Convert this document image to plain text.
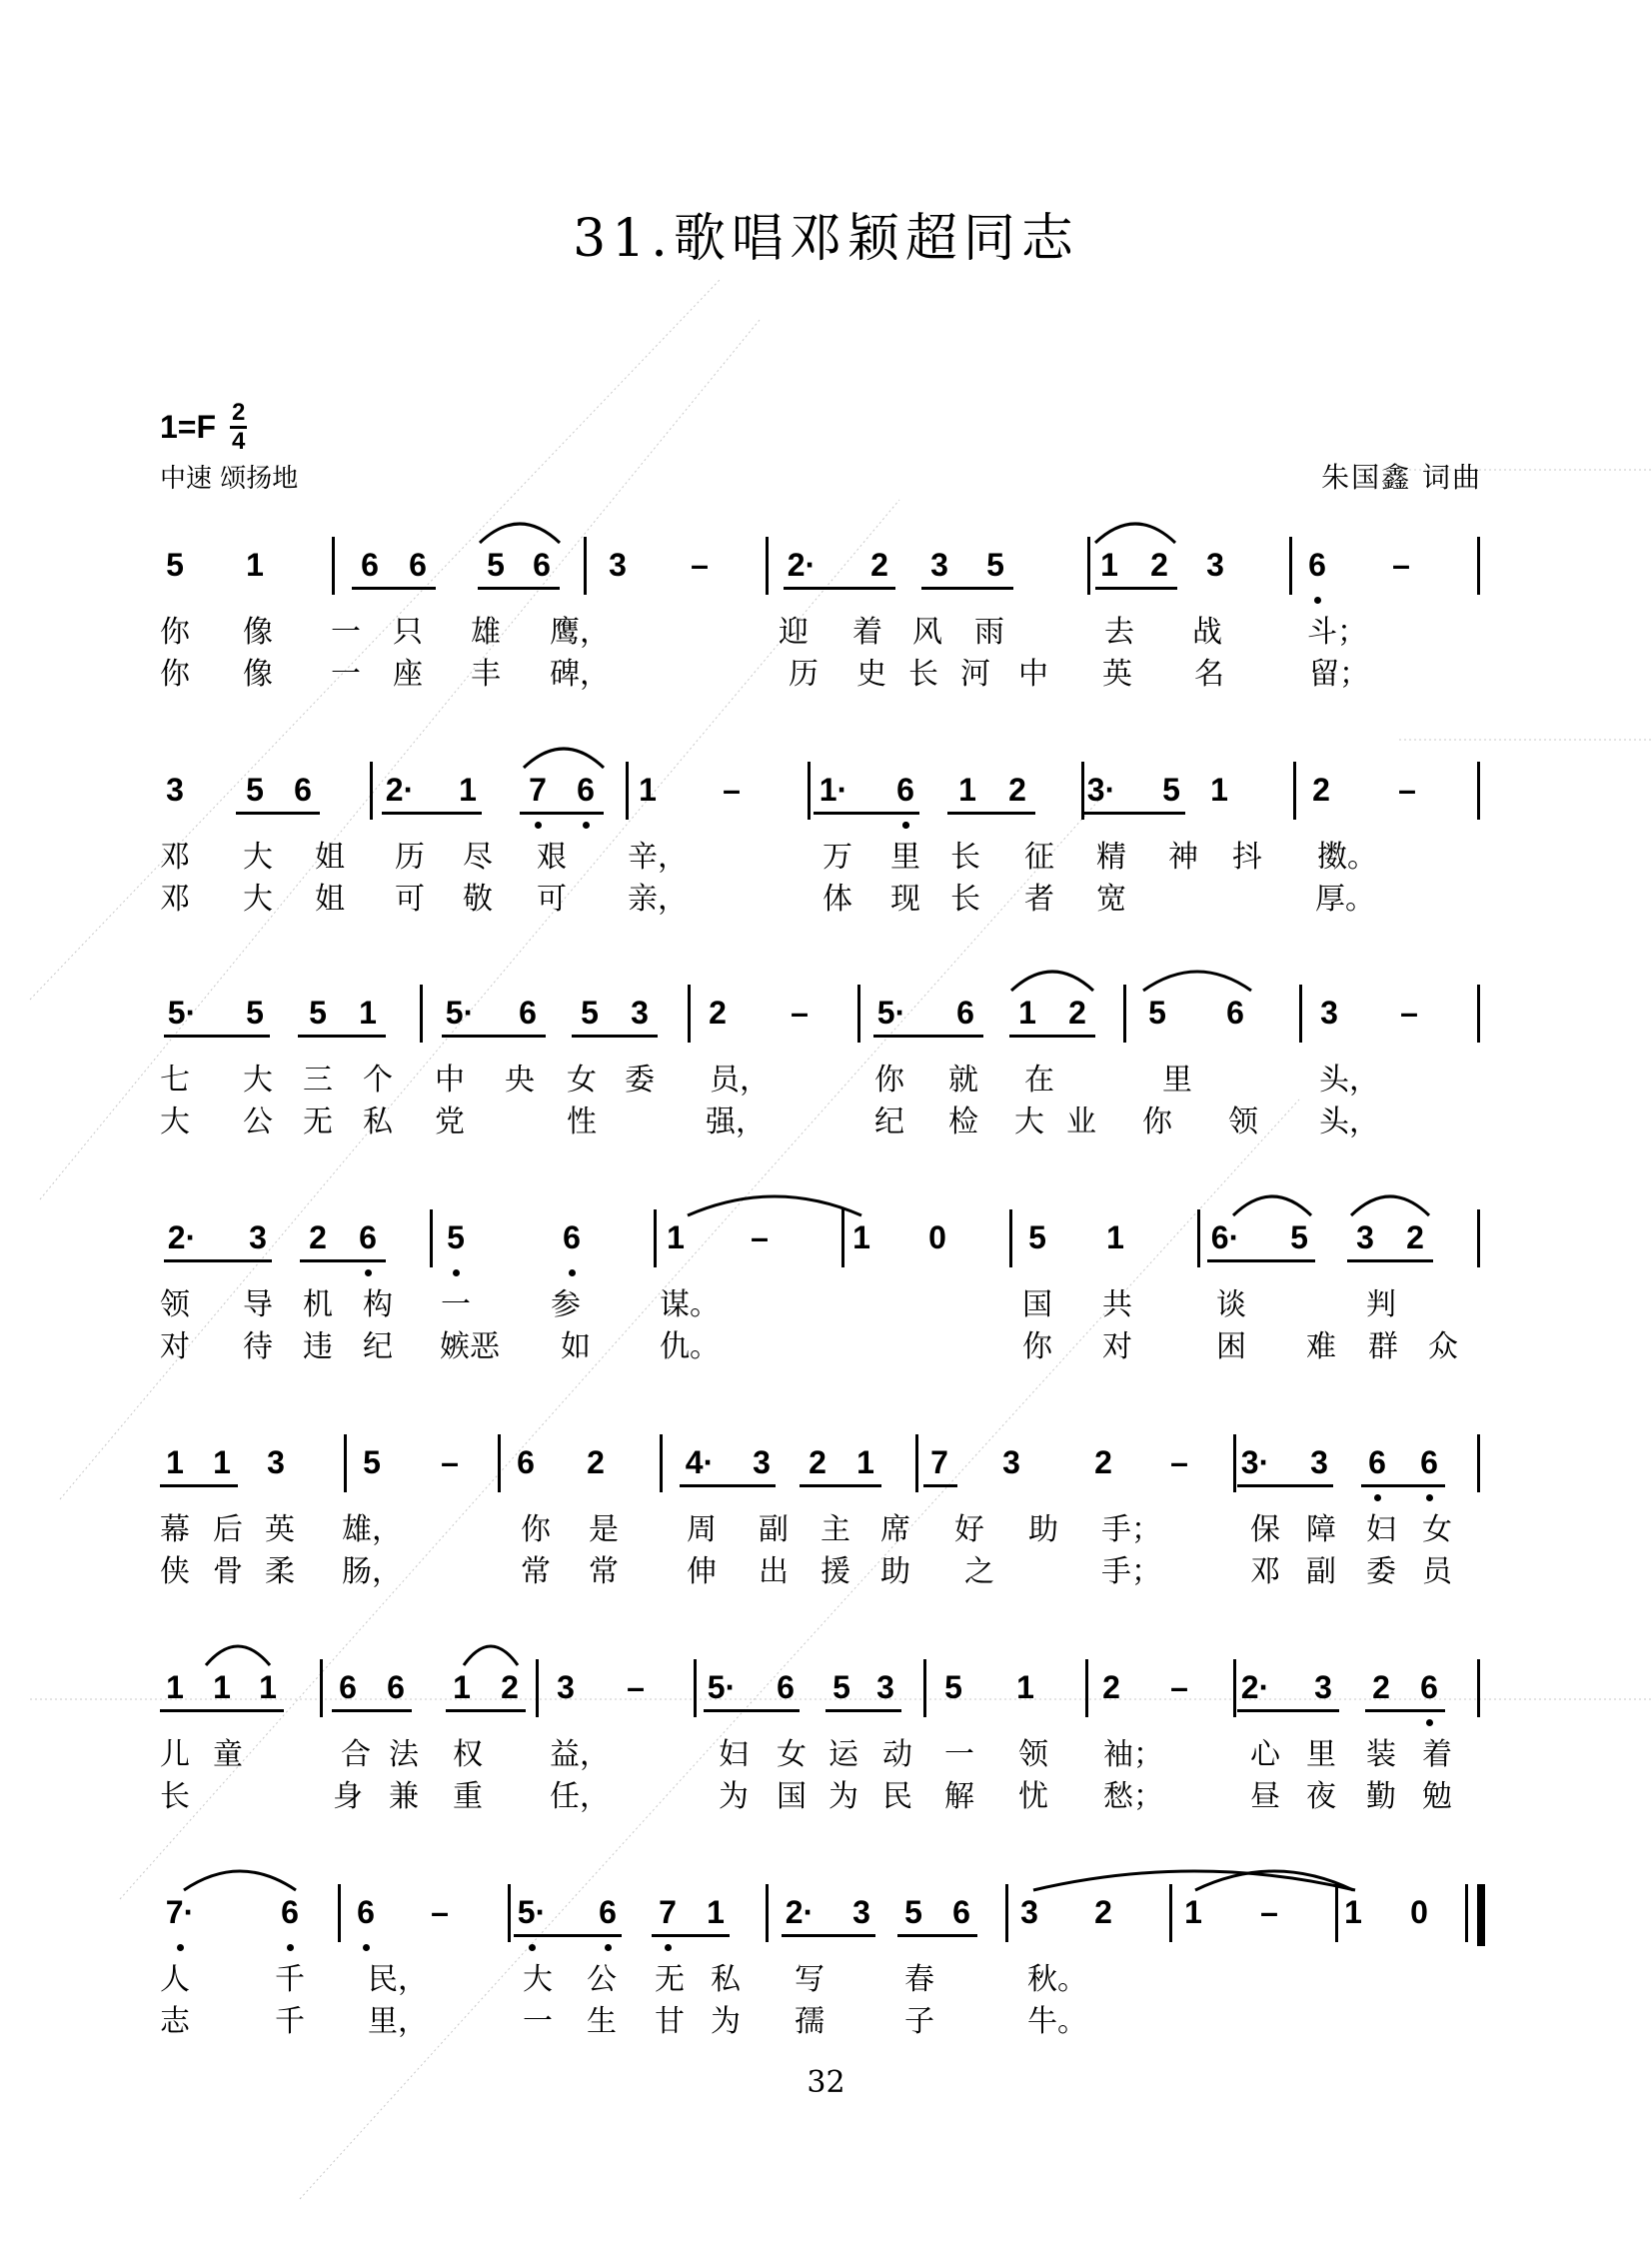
31.歌唱邓颖超同志
$1=F \frac{2}{4}$
中速 颂扬地	朱国鑫 词曲
5 1	6 6 5 6 3 – 2· 2 3 5	1 2 3	6 –
你 像 一 只 雄 鹰，	迎 着 风 雨	去 战	斗；
你 像 一 座 丰 碑，	历 史 长 河 中 英 名	留；
3 5 6 2· 1 7 6 1 – 1· 6 1 2 3· 5 1	2 –
邓 大 姐 历 尽 艰 辛，	万 里 长 征 精 神 抖 擞。
邓 大 姐 可 敬 可 亲，	体 现 长 者 宽	厚。
5· 5 5 1 5· 6 5 3 2 – 5· 6 1 2 5 6 3 –
七 大 三 个 中 央 女 委 员，	你 就 在	里	头，
大 公 无 私 党	性	强，	纪 检 大 业 你 领 头，
2· 3 2 6 5	6	1 –	1 0	5 1	6· 5 3 2
领 导 机 构 一	参	谋。	国 共	谈	判
对 待 违 纪 嫉恶 如 仇。	你 对	困 难 群 众
1 1 3 5 – 6 2	4· 3 2 1 7 3 2 – 3· 3 6 6
幕 后 英 雄，	你 是 周 副 主 席 好 助 手；	保 障 妇 女
侠 骨 柔 肠，	常 常 伸 出 援 助 之	手；	邓 副 委 员
1 1 1 6 6 1 2 3 – 5· 6 5 3 5 1 2 – 2· 3 2 6
儿 童	合 法 权 益，	妇 女 运 动 一 领 袖；	心 里 装 着
长	身 兼 重 任，	为 国 为 民 解 忧 愁；	昼 夜 勤 勉
7·	6 6 – 5· 6 7 1 2· 3 5 6 3 2 1 – 1 0
人	千 民，	大 公 无 私 写	春	秋。
志	千 里，	一 生 甘 为 孺	子	牛。
32
